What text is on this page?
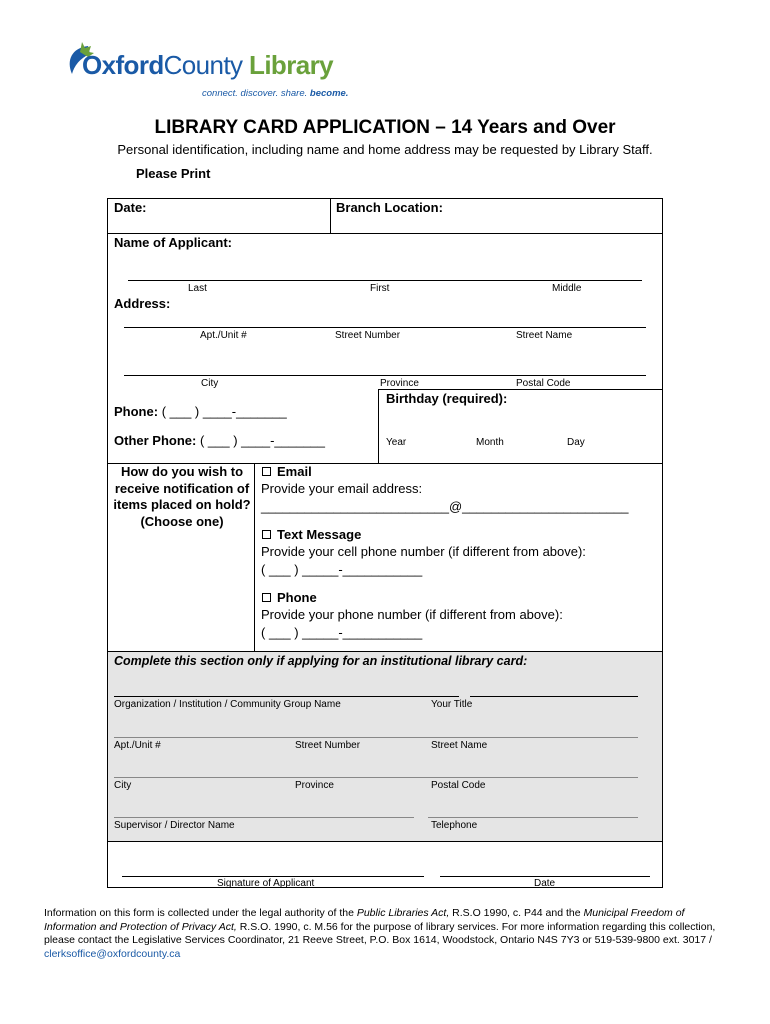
OxfordCounty Library
connect. discover. share. become.
LIBRARY CARD APPLICATION – 14 Years and Over
Personal identification, including name and home address may be requested by Library Staff.
Please Print
Date:	Branch Location:
Name of Applicant:
Last	First	Middle
Address:
Apt./Unit #	Street Number	Street Name
City	Province	Postal Code
Phone: ( ___ ) ____-_______
Other Phone: ( ___ ) ____-_______
Birthday (required):
Year	Month	Day
How do you wish to receive notification of items placed on hold? (Choose one)
Email
Provide your email address:
__________________________@_______________________
Text Message
Provide your cell phone number (if different from above):
( ___ ) _____-___________
Phone
Provide your phone number (if different from above):
( ___ ) _____-___________
Complete this section only if applying for an institutional library card:
Organization / Institution / Community Group Name	Your Title
Apt./Unit #	Street Number	Street Name
City	Province	Postal Code
Supervisor / Director Name	Telephone
Signature of Applicant	Date
Information on this form is collected under the legal authority of the Public Libraries Act, R.S.O 1990, c. P44 and the Municipal Freedom of Information and Protection of Privacy Act, R.S.O. 1990, c. M.56 for the purpose of library services. For more information regarding this collection, please contact the Legislative Services Coordinator, 21 Reeve Street, P.O. Box 1614, Woodstock, Ontario N4S 7Y3 or 519-539-9800 ext. 3017 / clerksoffice@oxfordcounty.ca
